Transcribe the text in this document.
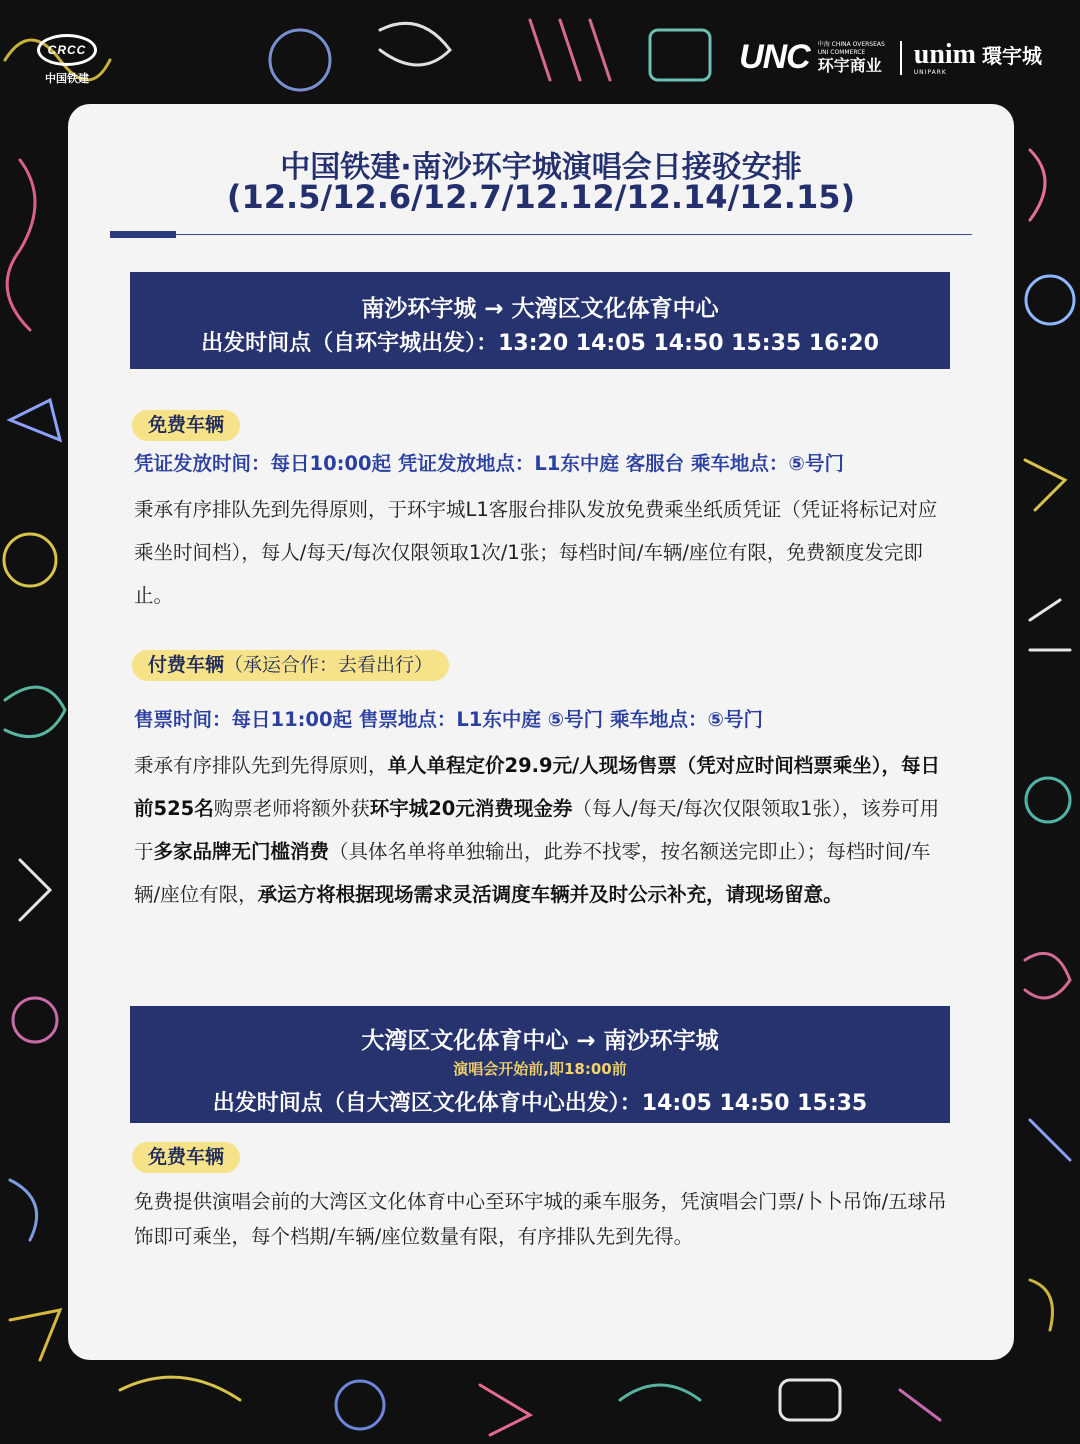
CRCC
中国铁建
UNC 中海 CHINA OVERSEAS UNI COMMERCE
环宇商业 unim 環宇城
UNIPARK
中国铁建·南沙环宇城演唱会日接驳安排
(12.5/12.6/12.7/12.12/12.14/12.15)
南沙环宇城 → 大湾区文化体育中心
出发时间点（自环宇城出发）：13:20 14:05 14:50 15:35 16:20
免费车辆
凭证发放时间：每日10:00起 凭证发放地点：L1东中庭 客服台 乘车地点：⑤号门
秉承有序排队先到先得原则，于环宇城L1客服台排队发放免费乘坐纸质凭证（凭证将标记对应乘坐时间档），每人/每天/每次仅限领取1次/1张；每档时间/车辆/座位有限，免费额度发完即止。
付费车辆（承运合作：去看出行）
售票时间：每日11:00起 售票地点：L1东中庭 ⑤号门 乘车地点：⑤号门
秉承有序排队先到先得原则，单人单程定价29.9元/人现场售票（凭对应时间档票乘坐），每日前525名购票老师将额外获环宇城20元消费现金券（每人/每天/每次仅限领取1张），该券可用于多家品牌无门槛消费（具体名单将单独输出，此券不找零，按名额送完即止）；每档时间/车辆/座位有限，承运方将根据现场需求灵活调度车辆并及时公示补充，请现场留意。
大湾区文化体育中心 → 南沙环宇城
演唱会开始前,即18:00前
出发时间点（自大湾区文化体育中心出发）：14:05 14:50 15:35
免费车辆
免费提供演唱会前的大湾区文化体育中心至环宇城的乘车服务，凭演唱会门票/卜卜吊饰/五球吊饰即可乘坐，每个档期/车辆/座位数量有限，有序排队先到先得。
